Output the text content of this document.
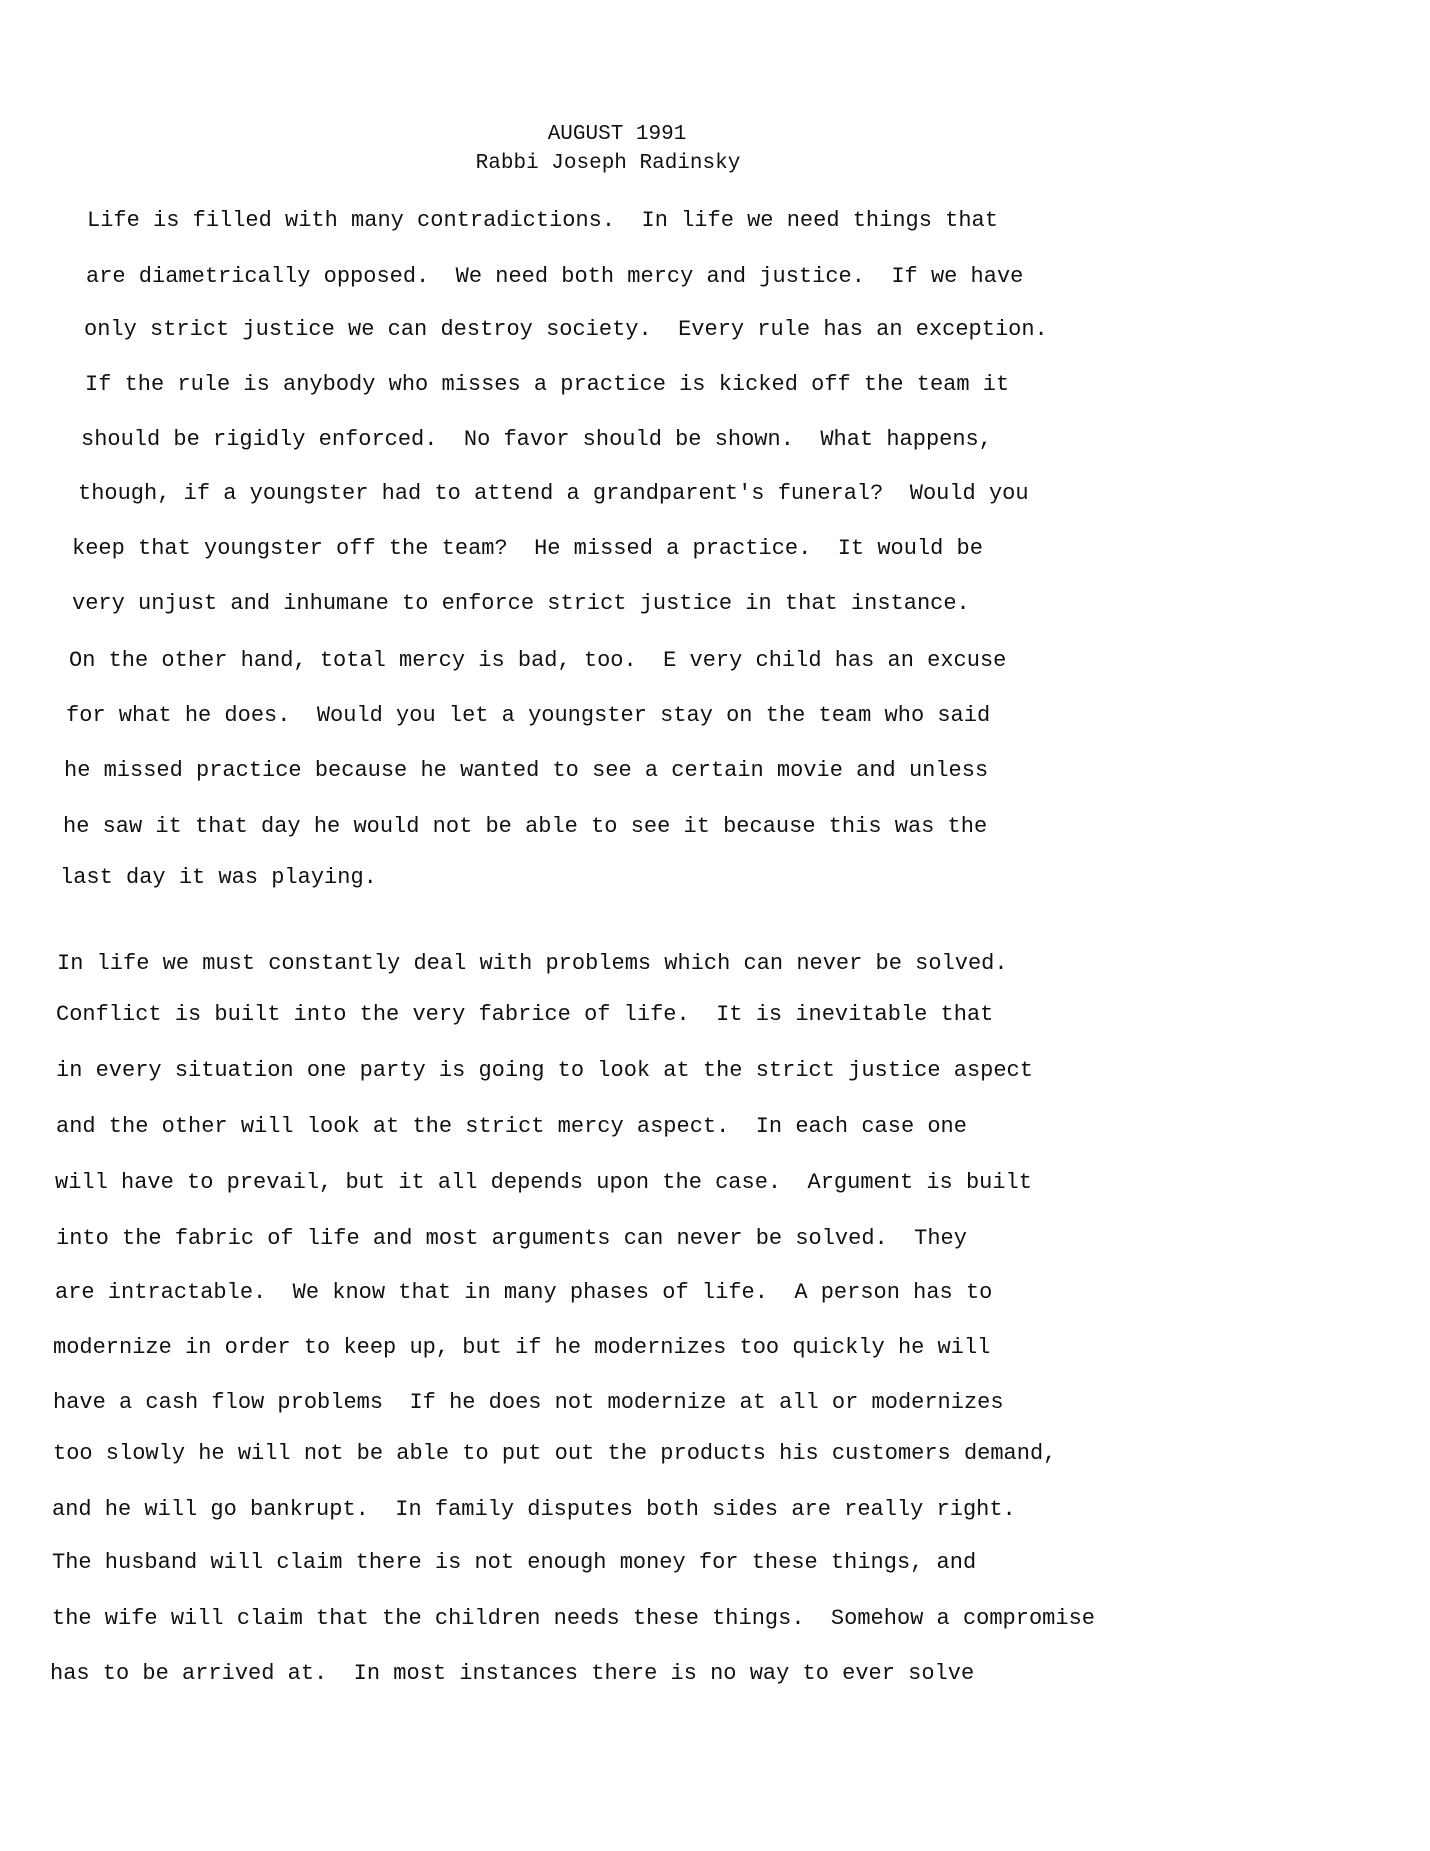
AUGUST 1991
Rabbi Joseph Radinsky
Life is filled with many contradictions.  In life we need things that
are diametrically opposed.  We need both mercy and justice.  If we have
only strict justice we can destroy society.  Every rule has an exception.
If the rule is anybody who misses a practice is kicked off the team it
should be rigidly enforced.  No favor should be shown.  What happens,
though, if a youngster had to attend a grandparent's funeral?  Would you
keep that youngster off the team?  He missed a practice.  It would be
very unjust and inhumane to enforce strict justice in that instance.
On the other hand, total mercy is bad, too.  E very child has an excuse
for what he does.  Would you let a youngster stay on the team who said
he missed practice because he wanted to see a certain movie and unless
he saw it that day he would not be able to see it because this was the
last day it was playing.
In life we must constantly deal with problems which can never be solved.
Conflict is built into the very fabrice of life.  It is inevitable that
in every situation one party is going to look at the strict justice aspect
and the other will look at the strict mercy aspect.  In each case one
will have to prevail, but it all depends upon the case.  Argument is built
into the fabric of life and most arguments can never be solved.  They
are intractable.  We know that in many phases of life.  A person has to
modernize in order to keep up, but if he modernizes too quickly he will
have a cash flow problems  If he does not modernize at all or modernizes
too slowly he will not be able to put out the products his customers demand,
and he will go bankrupt.  In family disputes both sides are really right.
The husband will claim there is not enough money for these things, and
the wife will claim that the children needs these things.  Somehow a compromise
has to be arrived at.  In most instances there is no way to ever solve
